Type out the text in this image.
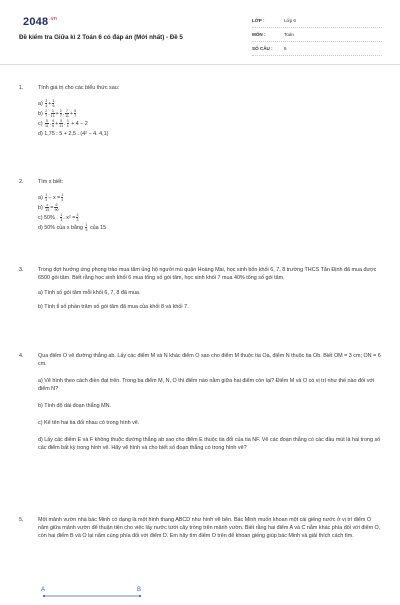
$2048^{.vn}$
Đề kiểm tra Giữa kì 2 Toán 6 có đáp án (Mới nhất) - Đề 5
LỚP :	Lớp 6
MÔN :	Toán
SỐ CÂU :	6
1.	Tính giá trị cho các biểu thức sau:

$a) \frac{3}{4} + \frac{1}{6}$
$b) \frac{2}{7}$ . $\frac{3}{11} + \frac{2}{7}$ . $\frac{7}{11} + \frac{5}{7}$
$c) \frac{5}{11}$ . $\frac{9}{6} + \frac{5}{11}$ . $\frac{3}{4} + 4 - 2$
d) 1,75 : 5 + 2,5 . (4² − 4. 4,1)
2.	Tìm x biết:

$a) \frac{1}{3} - x = \frac{1}{4}$
$b) \frac{x}{15} = \frac{6}{90}$
c) 50% . $\frac{1}{3}$ . $x^2 = \frac{2}{3}$
d) 50% của x bằng $\frac{1}{5}$ của 15
3.	Trong đợt hưởng ứng phong trào mua tăm ủng hộ người mù quận Hoàng Mai, học sinh bốn khối 6, 7, 8 trường THCS Tân Định đã mua được 6500 gói tăm. Biết rằng học sinh khối 6 mua tổng số gói tăm, học sinh khối 7 mua 40% tổng số gói tăm.

a) Tính số gói tăm mỗi khối 6, 7, 8 đã mua.

b) Tính tỉ số phần trăm số gói tăm đã mua của khối 8 và khối 7.

4.	Qua điểm O vẽ đường thẳng ab. Lấy các điểm M và N khác điểm O sao cho điểm M thuộc tia Oa, điểm N thuộc tia Ob. Biết OM = 3 cm; ON = 6 cm.

a) Vẽ hình theo cách điền đạt trên. Trong ba điểm M, N, O thì điểm nào nằm giữa hai điểm còn lại? Điểm M và O có vị trí như thế nào đối với điểm N?

b) Tính độ dài đoạn thẳng MN.

c) Kể tên hai tia đối nhau có trong hình vẽ.

d) Lấy các điểm E và F không thuộc đường thẳng ab sao cho điểm E thuộc tia đối của tia NF. Vẽ các đoạn thẳng có các đầu mút là hai trong số các điểm bất kỳ trong hình vẽ. Hãy vẽ hình và cho biết số đoạn thẳng có trong hình vẽ?

5.	Một mảnh vườn nhà bác Minh có dạng là một hình thang ABCD như hình vẽ bên. Bác Minh muốn khoan một cái giếng nước ở vị trí điểm O nằm giữa mảnh vườn để thuận tiện cho việc lấy nước tưới cây trồng trên mảnh vườn. Biết rằng hai điểm A và C nằm khác phía đối với điểm O, còn hai điểm B và O lại nằm cùng phía đối với điểm D. Em hãy tìm điểm O trên để khoan giếng giúp bác Minh và giải thích cách tìm.

A	B
